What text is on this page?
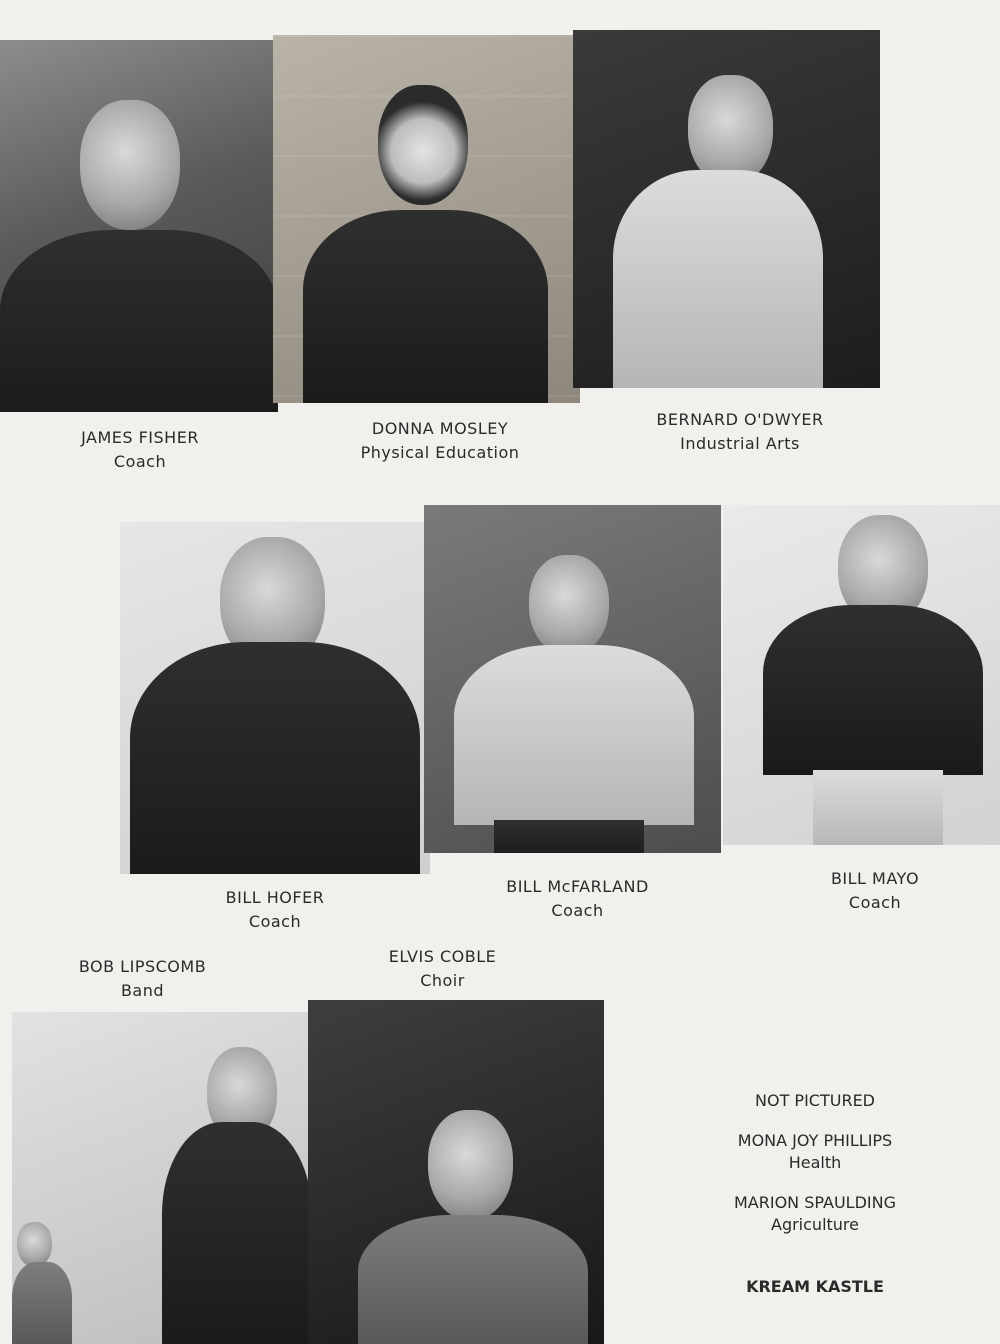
JAMES FISHER
Coach
DONNA MOSLEY
Physical Education
BERNARD O'DWYER
Industrial Arts
BILL HOFER
Coach
BILL McFARLAND
Coach
BILL MAYO
Coach
BOB LIPSCOMB
Band
ELVIS COBLE
Choir
NOT PICTURED
MONA JOY PHILLIPS
Health
MARION SPAULDING
Agriculture
KREAM KASTLE
